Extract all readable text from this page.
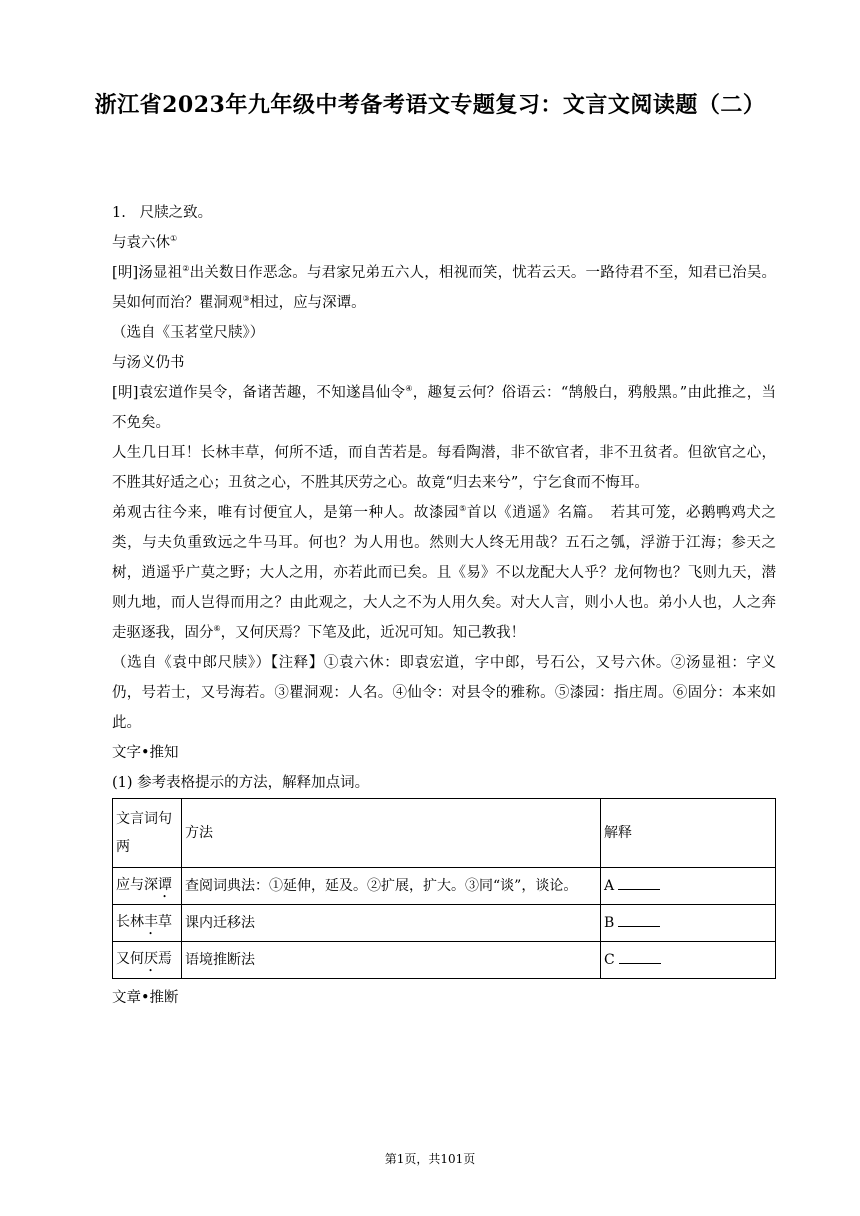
浙江省2023年九年级中考备考语文专题复习：文言文阅读题（二）

1. 尺牍之致。

与袁六休①

[明]汤显祖②出关数日作恶念。与君家兄弟五六人，相视而笑，忧若云天。一路待君不至，知君已治吴。吴如何而治？瞿洞观③相过，应与深谭。

（选自《玉茗堂尺牍》）

与汤义仍书

[明]袁宏道作吴令，备诸苦趣，不知遂昌仙令④，趣复云何？俗语云：“鹄般白，鸦般黑。”由此推之，当不免矣。

人生几日耳！长林丰草，何所不适，而自苦若是。每看陶潜，非不欲官者，非不丑贫者。但欲官之心，不胜其好适之心；丑贫之心，不胜其厌劳之心。故竟“归去来兮”，宁乞食而不悔耳。

弟观古往今来，唯有讨便宜人，是第一种人。故漆园⑤首以《逍遥》名篇。　若其可笼，必鹅鸭鸡犬之类，与夫负重致远之牛马耳。何也？为人用也。然则大人终无用哉？五石之瓠，浮游于江海；参天之树，逍遥乎广莫之野；大人之用，亦若此而已矣。且《易》不以龙配大人乎？龙何物也？飞则九天，潜则九地，而人岂得而用之？由此观之，大人之不为人用久矣。对大人言，则小人也。弟小人也，人之奔走驱逐我，固分⑥，又何厌焉？下笔及此，近况可知。知己教我！

（选自《袁中郎尺牍》）【注释】①袁六休：即袁宏道，字中郎，号石公，又号六休。②汤显祖：字义仍，号若士，又号海若。③瞿洞观：人名。④仙令：对县令的雅称。⑤漆园：指庄周。⑥固分：本来如此。

文字•推知

(1) 参考表格提示的方法，解释加点词。

文言词句两	方法	解释
应与深谭	查阅词典法：①延伸，延及。②扩展，扩大。③同“谈”，谈论。	A
长林丰草	课内迁移法	B
又何厌焉	语境推断法	C

文章•推断

第1页，共101页
